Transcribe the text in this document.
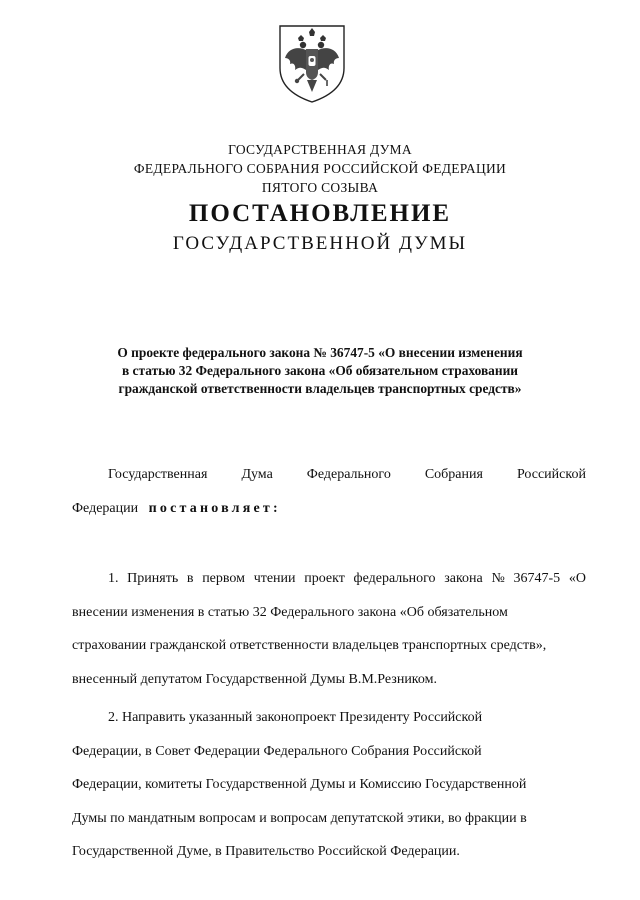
ГОСУДАРСТВЕННАЯ ДУМА
ФЕДЕРАЛЬНОГО СОБРАНИЯ РОССИЙСКОЙ ФЕДЕРАЦИИ
ПЯТОГО СОЗЫВА
ПОСТАНОВЛЕНИЕ
ГОСУДАРСТВЕННОЙ ДУМЫ
О проекте федерального закона № 36747-5 «О внесении изменения
в статью 32 Федерального закона «Об обязательном страховании
гражданской ответственности владельцев транспортных средств»
Государственная Дума Федерального Собрания Российской
Федерации постановляет:
1. Принять в первом чтении проект федерального закона № 36747-5 «О
внесении изменения в статью 32 Федерального закона «Об обязательном
страховании гражданской ответственности владельцев транспортных средств»,
внесенный депутатом Государственной Думы В.М.Резником.
2. Направить указанный законопроект Президенту Российской
Федерации, в Совет Федерации Федерального Собрания Российской
Федерации, комитеты Государственной Думы и Комиссию Государственной
Думы по мандатным вопросам и вопросам депутатской этики, во фракции в
Государственной Думе, в Правительство Российской Федерации.
